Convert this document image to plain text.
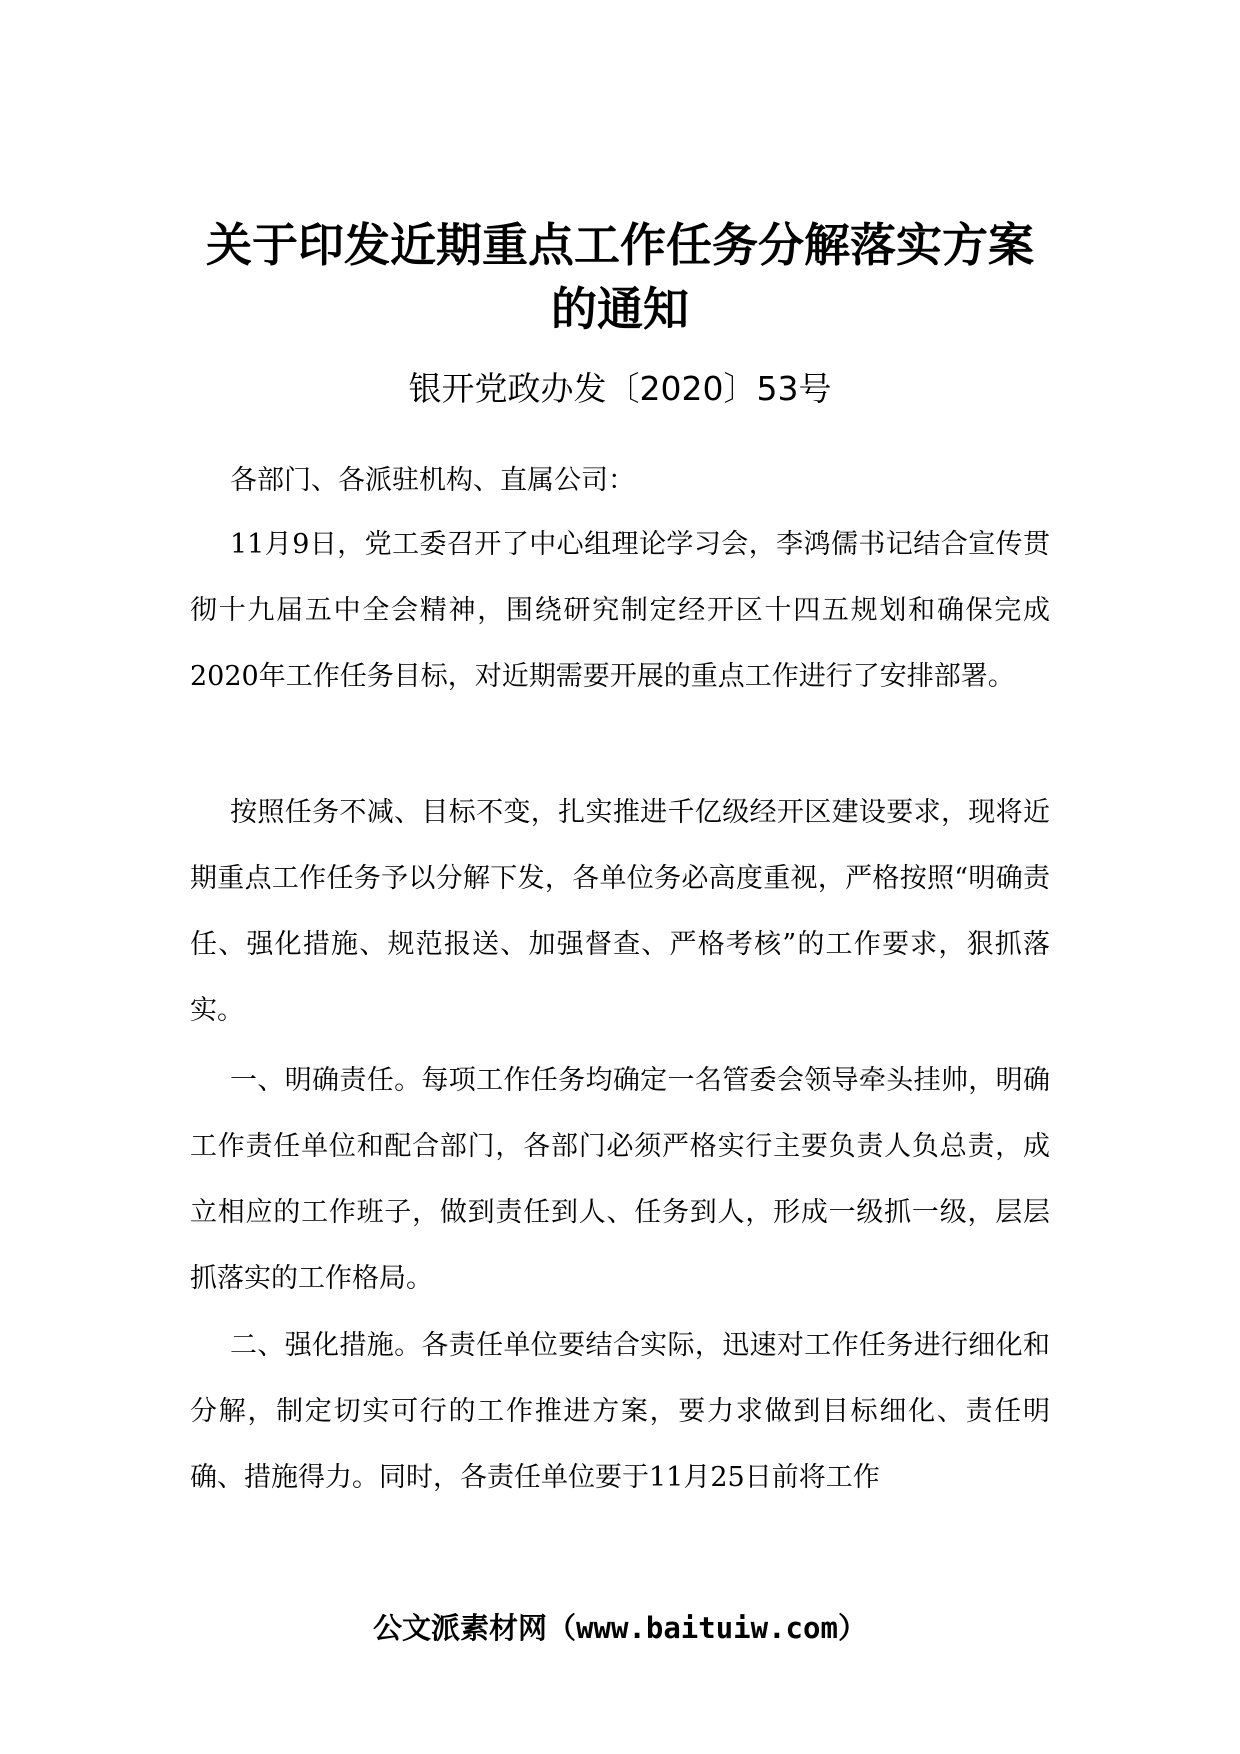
关于印发近期重点工作任务分解落实方案
的通知
银开党政办发〔2020〕53号

各部门、各派驻机构、直属公司：

11月9日，党工委召开了中心组理论学习会，李鸿儒书记结合宣传贯彻十九届五中全会精神，围绕研究制定经开区十四五规划和确保完成2020年工作任务目标，对近期需要开展的重点工作进行了安排部署。

按照任务不减、目标不变，扎实推进千亿级经开区建设要求，现将近期重点工作任务予以分解下发，各单位务必高度重视，严格按照“明确责任、强化措施、规范报送、加强督查、严格考核”的工作要求，狠抓落实。

一、明确责任。每项工作任务均确定一名管委会领导牵头挂帅，明确工作责任单位和配合部门，各部门必须严格实行主要负责人负总责，成立相应的工作班子，做到责任到人、任务到人，形成一级抓一级，层层抓落实的工作格局。

二、强化措施。各责任单位要结合实际，迅速对工作任务进行细化和分解，制定切实可行的工作推进方案，要力求做到目标细化、责任明确、措施得力。同时，各责任单位要于11月25日前将工作

公文派素材网（www.baituiw.com）
